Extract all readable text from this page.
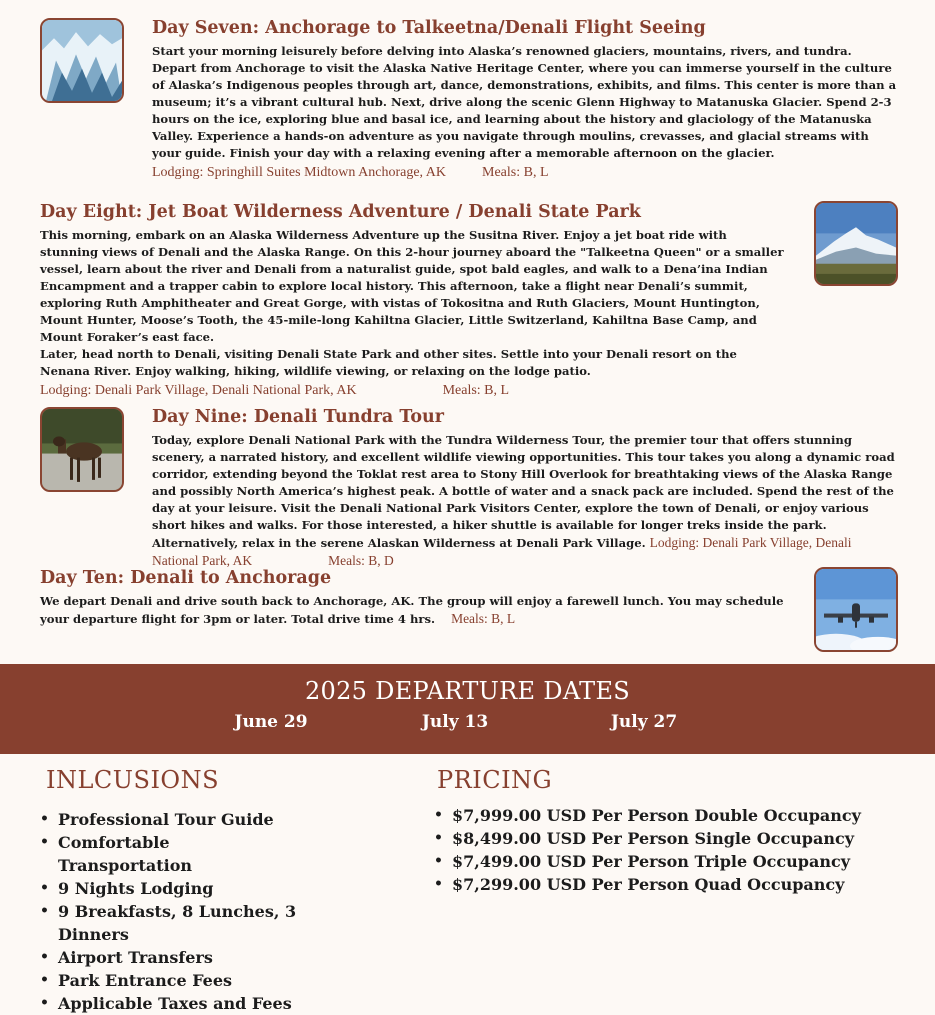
Day Seven: Anchorage to Talkeetna/Denali Flight Seeing

Start your morning leisurely before delving into Alaska’s renowned glaciers, mountains, rivers, and tundra. Depart from Anchorage to visit the Alaska Native Heritage Center, where you can immerse yourself in the culture of Alaska’s Indigenous peoples through art, dance, demonstrations, exhibits, and films. This center is more than a museum; it’s a vibrant cultural hub. Next, drive along the scenic Glenn Highway to Matanuska Glacier. Spend 2-3 hours on the ice, exploring blue and basal ice, and learning about the history and glaciology of the Matanuska Valley. Experience a hands-on adventure as you navigate through moulins, crevasses, and glacial streams with your guide. Finish your day with a relaxing evening after a memorable afternoon on the glacier.

Lodging: Springhill Suites Midtown Anchorage, AK	Meals: B, L
Day Eight: Jet Boat Wilderness Adventure / Denali State Park

This morning, embark on an Alaska Wilderness Adventure up the Susitna River. Enjoy a jet boat ride with stunning views of Denali and the Alaska Range. On this 2-hour journey aboard the "Talkeetna Queen" or a smaller vessel, learn about the river and Denali from a naturalist guide, spot bald eagles, and walk to a Dena’ina Indian Encampment and a trapper cabin to explore local history. This afternoon, take a flight near Denali’s summit, exploring Ruth Amphitheater and Great Gorge, with vistas of Tokositna and Ruth Glaciers, Mount Huntington, Mount Hunter, Moose’s Tooth, the 45-mile-long Kahiltna Glacier, Little Switzerland, Kahiltna Base Camp, and Mount Foraker’s east face.

Later, head north to Denali, visiting Denali State Park and other sites. Settle into your Denali resort on the Nenana River. Enjoy walking, hiking, wildlife viewing, or relaxing on the lodge patio.

Lodging: Denali Park Village, Denali National Park, AK	Meals: B, L
Day Nine: Denali Tundra Tour

Today, explore Denali National Park with the Tundra Wilderness Tour, the premier tour that offers stunning scenery, a narrated history, and excellent wildlife viewing opportunities. This tour takes you along a dynamic road corridor, extending beyond the Toklat rest area to Stony Hill Overlook for breathtaking views of the Alaska Range and possibly North America’s highest peak. A bottle of water and a snack pack are included. Spend the rest of the day at your leisure. Visit the Denali National Park Visitors Center, explore the town of Denali, or enjoy various short hikes and walks. For those interested, a hiker shuttle is available for longer treks inside the park. Alternatively, relax in the serene Alaskan Wilderness at Denali Park Village. Lodging: Denali Park Village, Denali National Park, AK	Meals: B, D

Day Ten: Denali to Anchorage

We depart Denali and drive south back to Anchorage, AK. The group will enjoy a farewell lunch. You may schedule your departure flight for 3pm or later. Total drive time 4 hrs. Meals: B, L

2025 DEPARTURE DATES
June 29	July 13	July 27
INLCUSIONS
• Professional Tour Guide
• Comfortable Transportation
• 9 Nights Lodging
• 9 Breakfasts, 8 Lunches, 3 Dinners
• Airport Transfers
• Park Entrance Fees
• Applicable Taxes and Fees
PRICING
• $7,999.00 USD Per Person Double Occupancy
• $8,499.00 USD Per Person Single Occupancy
• $7,499.00 USD Per Person Triple Occupancy
• $7,299.00 USD Per Person Quad Occupancy
